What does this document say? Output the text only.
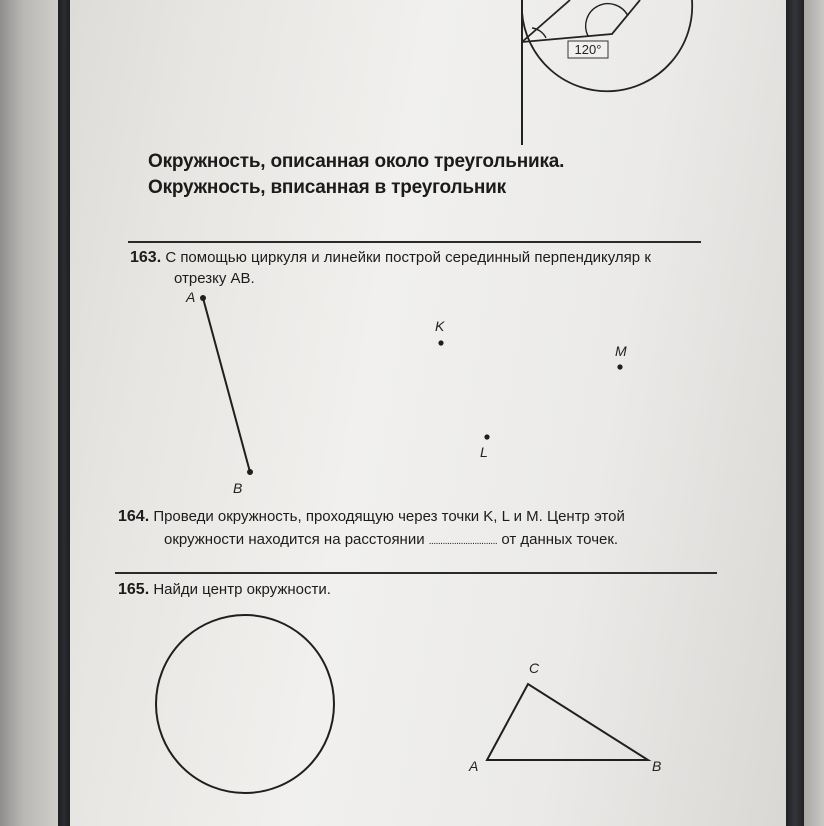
120°
Окружность, описанная около треугольника.
Окружность, вписанная в треугольник

163. С помощью циркуля и линейки построй серединный перпендикуляр к

отрезку AB.

A
B
K
M
L

164. Проведи окружность, проходящую через точки K, L и M. Центр этой

окружности находится на расстоянии .............................. от данных точек.

165. Найди центр окружности.

C
A	B
